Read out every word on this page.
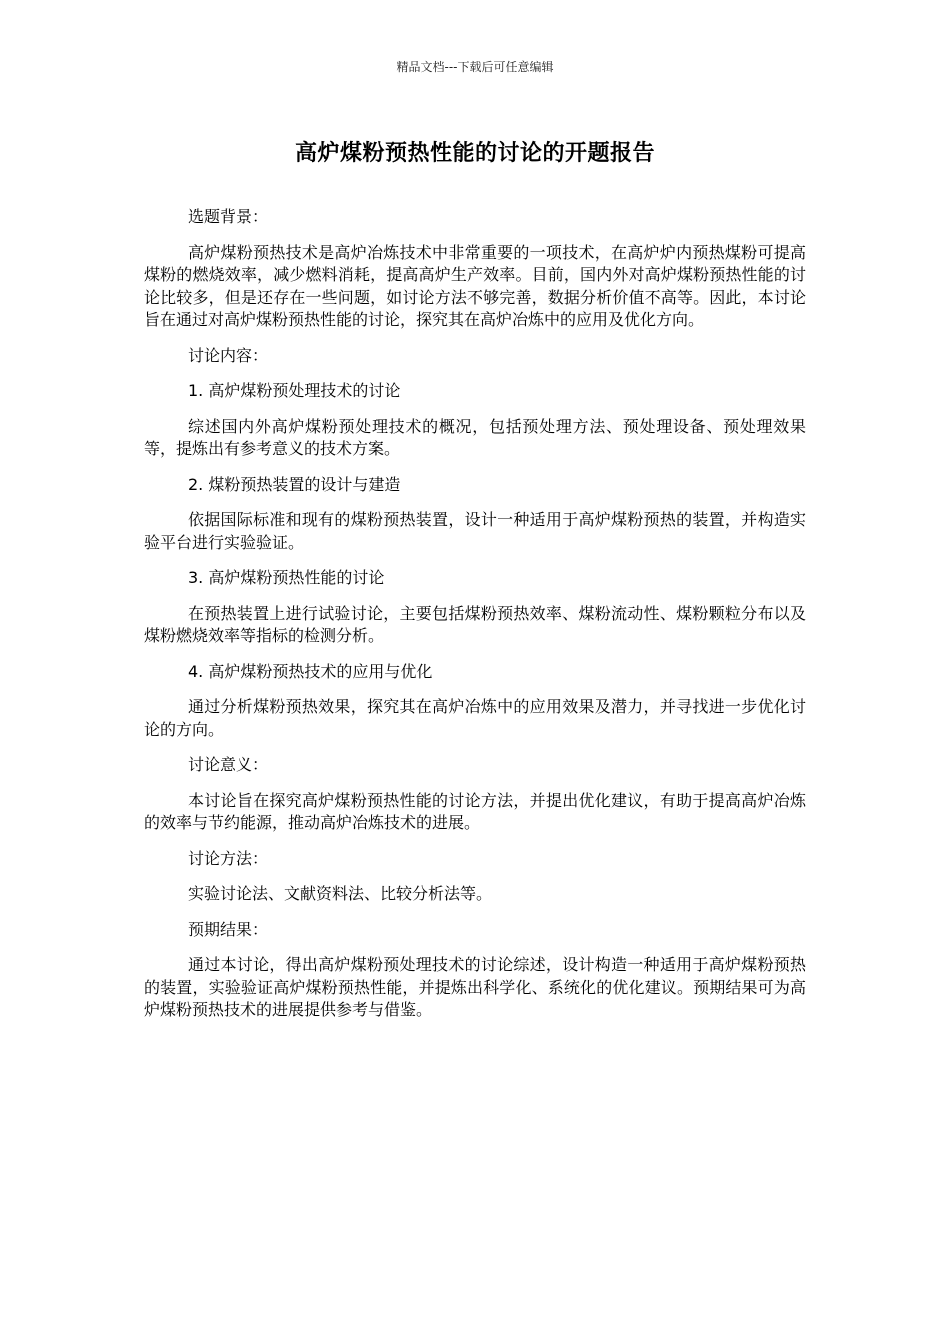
精品文档---下载后可任意编辑
高炉煤粉预热性能的讨论的开题报告

选题背景：

高炉煤粉预热技术是高炉冶炼技术中非常重要的一项技术，在高炉炉内预热煤粉可提高煤粉的燃烧效率，减少燃料消耗，提高高炉生产效率。目前，国内外对高炉煤粉预热性能的讨论比较多，但是还存在一些问题，如讨论方法不够完善，数据分析价值不高等。因此，本讨论旨在通过对高炉煤粉预热性能的讨论，探究其在高炉冶炼中的应用及优化方向。

讨论内容：

1. 高炉煤粉预处理技术的讨论

综述国内外高炉煤粉预处理技术的概况，包括预处理方法、预处理设备、预处理效果等，提炼出有参考意义的技术方案。

2. 煤粉预热装置的设计与建造

依据国际标准和现有的煤粉预热装置，设计一种适用于高炉煤粉预热的装置，并构造实验平台进行实验验证。

3. 高炉煤粉预热性能的讨论

在预热装置上进行试验讨论，主要包括煤粉预热效率、煤粉流动性、煤粉颗粒分布以及煤粉燃烧效率等指标的检测分析。

4. 高炉煤粉预热技术的应用与优化

通过分析煤粉预热效果，探究其在高炉冶炼中的应用效果及潜力，并寻找进一步优化讨论的方向。

讨论意义：

本讨论旨在探究高炉煤粉预热性能的讨论方法，并提出优化建议，有助于提高高炉冶炼的效率与节约能源，推动高炉冶炼技术的进展。

讨论方法：

实验讨论法、文献资料法、比较分析法等。

预期结果：

通过本讨论，得出高炉煤粉预处理技术的讨论综述，设计构造一种适用于高炉煤粉预热的装置，实验验证高炉煤粉预热性能，并提炼出科学化、系统化的优化建议。预期结果可为高炉煤粉预热技术的进展提供参考与借鉴。
